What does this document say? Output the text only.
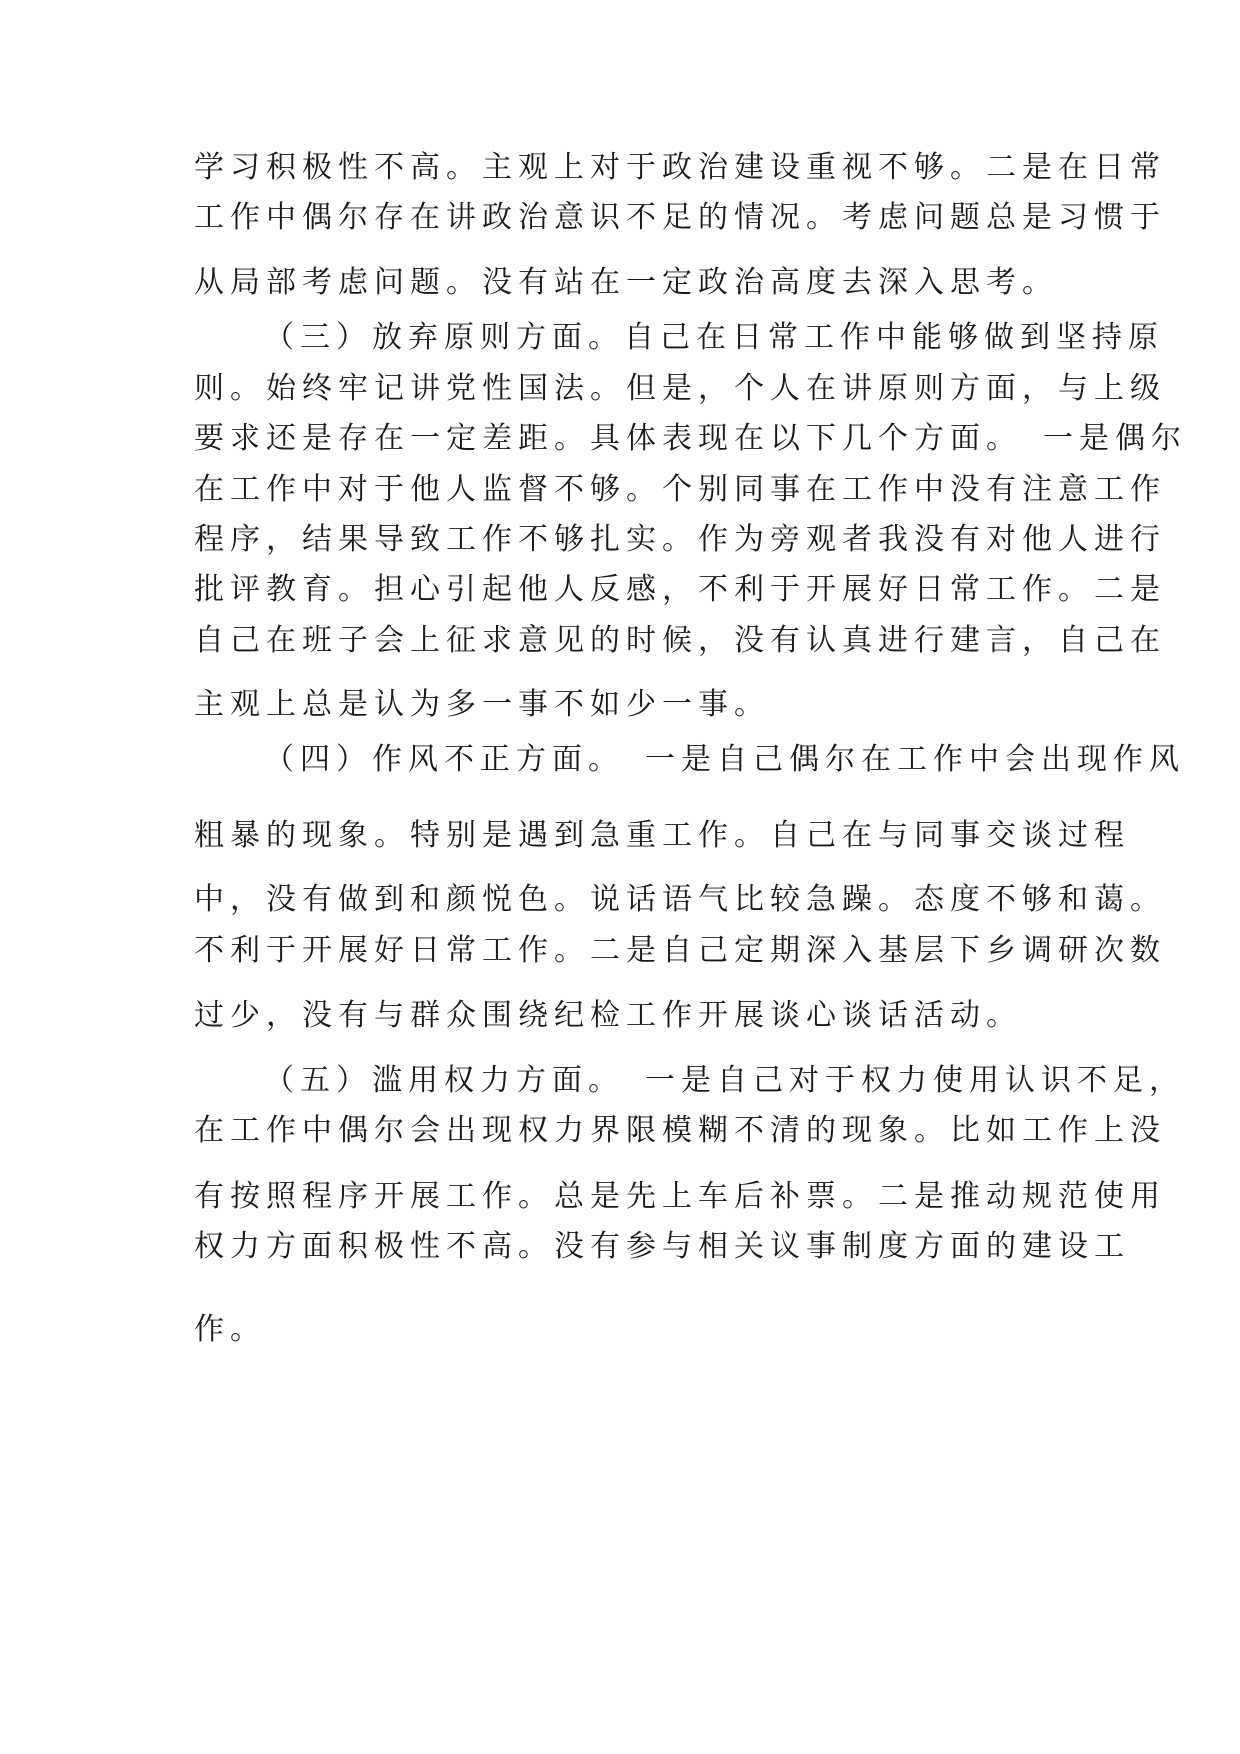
学习积极性不高。主观上对于政治建设重视不够。二是在日常

工作中偶尔存在讲政治意识不足的情况。考虑问题总是习惯于

从局部考虑问题。没有站在一定政治高度去深入思考。

（三）放弃原则方面。自己在日常工作中能够做到坚持原

则。始终牢记讲党性国法。但是，个人在讲原则方面，与上级

要求还是存在一定差距。具体表现在以下几个方面。　一是偶尔

在工作中对于他人监督不够。个别同事在工作中没有注意工作

程序，结果导致工作不够扎实。作为旁观者我没有对他人进行

批评教育。担心引起他人反感，不利于开展好日常工作。二是

自己在班子会上征求意见的时候，没有认真进行建言，自己在

主观上总是认为多一事不如少一事。

（四）作风不正方面。　一是自己偶尔在工作中会出现作风

粗暴的现象。特别是遇到急重工作。自己在与同事交谈过程

中，没有做到和颜悦色。说话语气比较急躁。态度不够和蔼。

不利于开展好日常工作。二是自己定期深入基层下乡调研次数

过少，没有与群众围绕纪检工作开展谈心谈话活动。

（五）滥用权力方面。　一是自己对于权力使用认识不足，

在工作中偶尔会出现权力界限模糊不清的现象。比如工作上没

有按照程序开展工作。总是先上车后补票。二是推动规范使用

权力方面积极性不高。没有参与相关议事制度方面的建设工

作。
